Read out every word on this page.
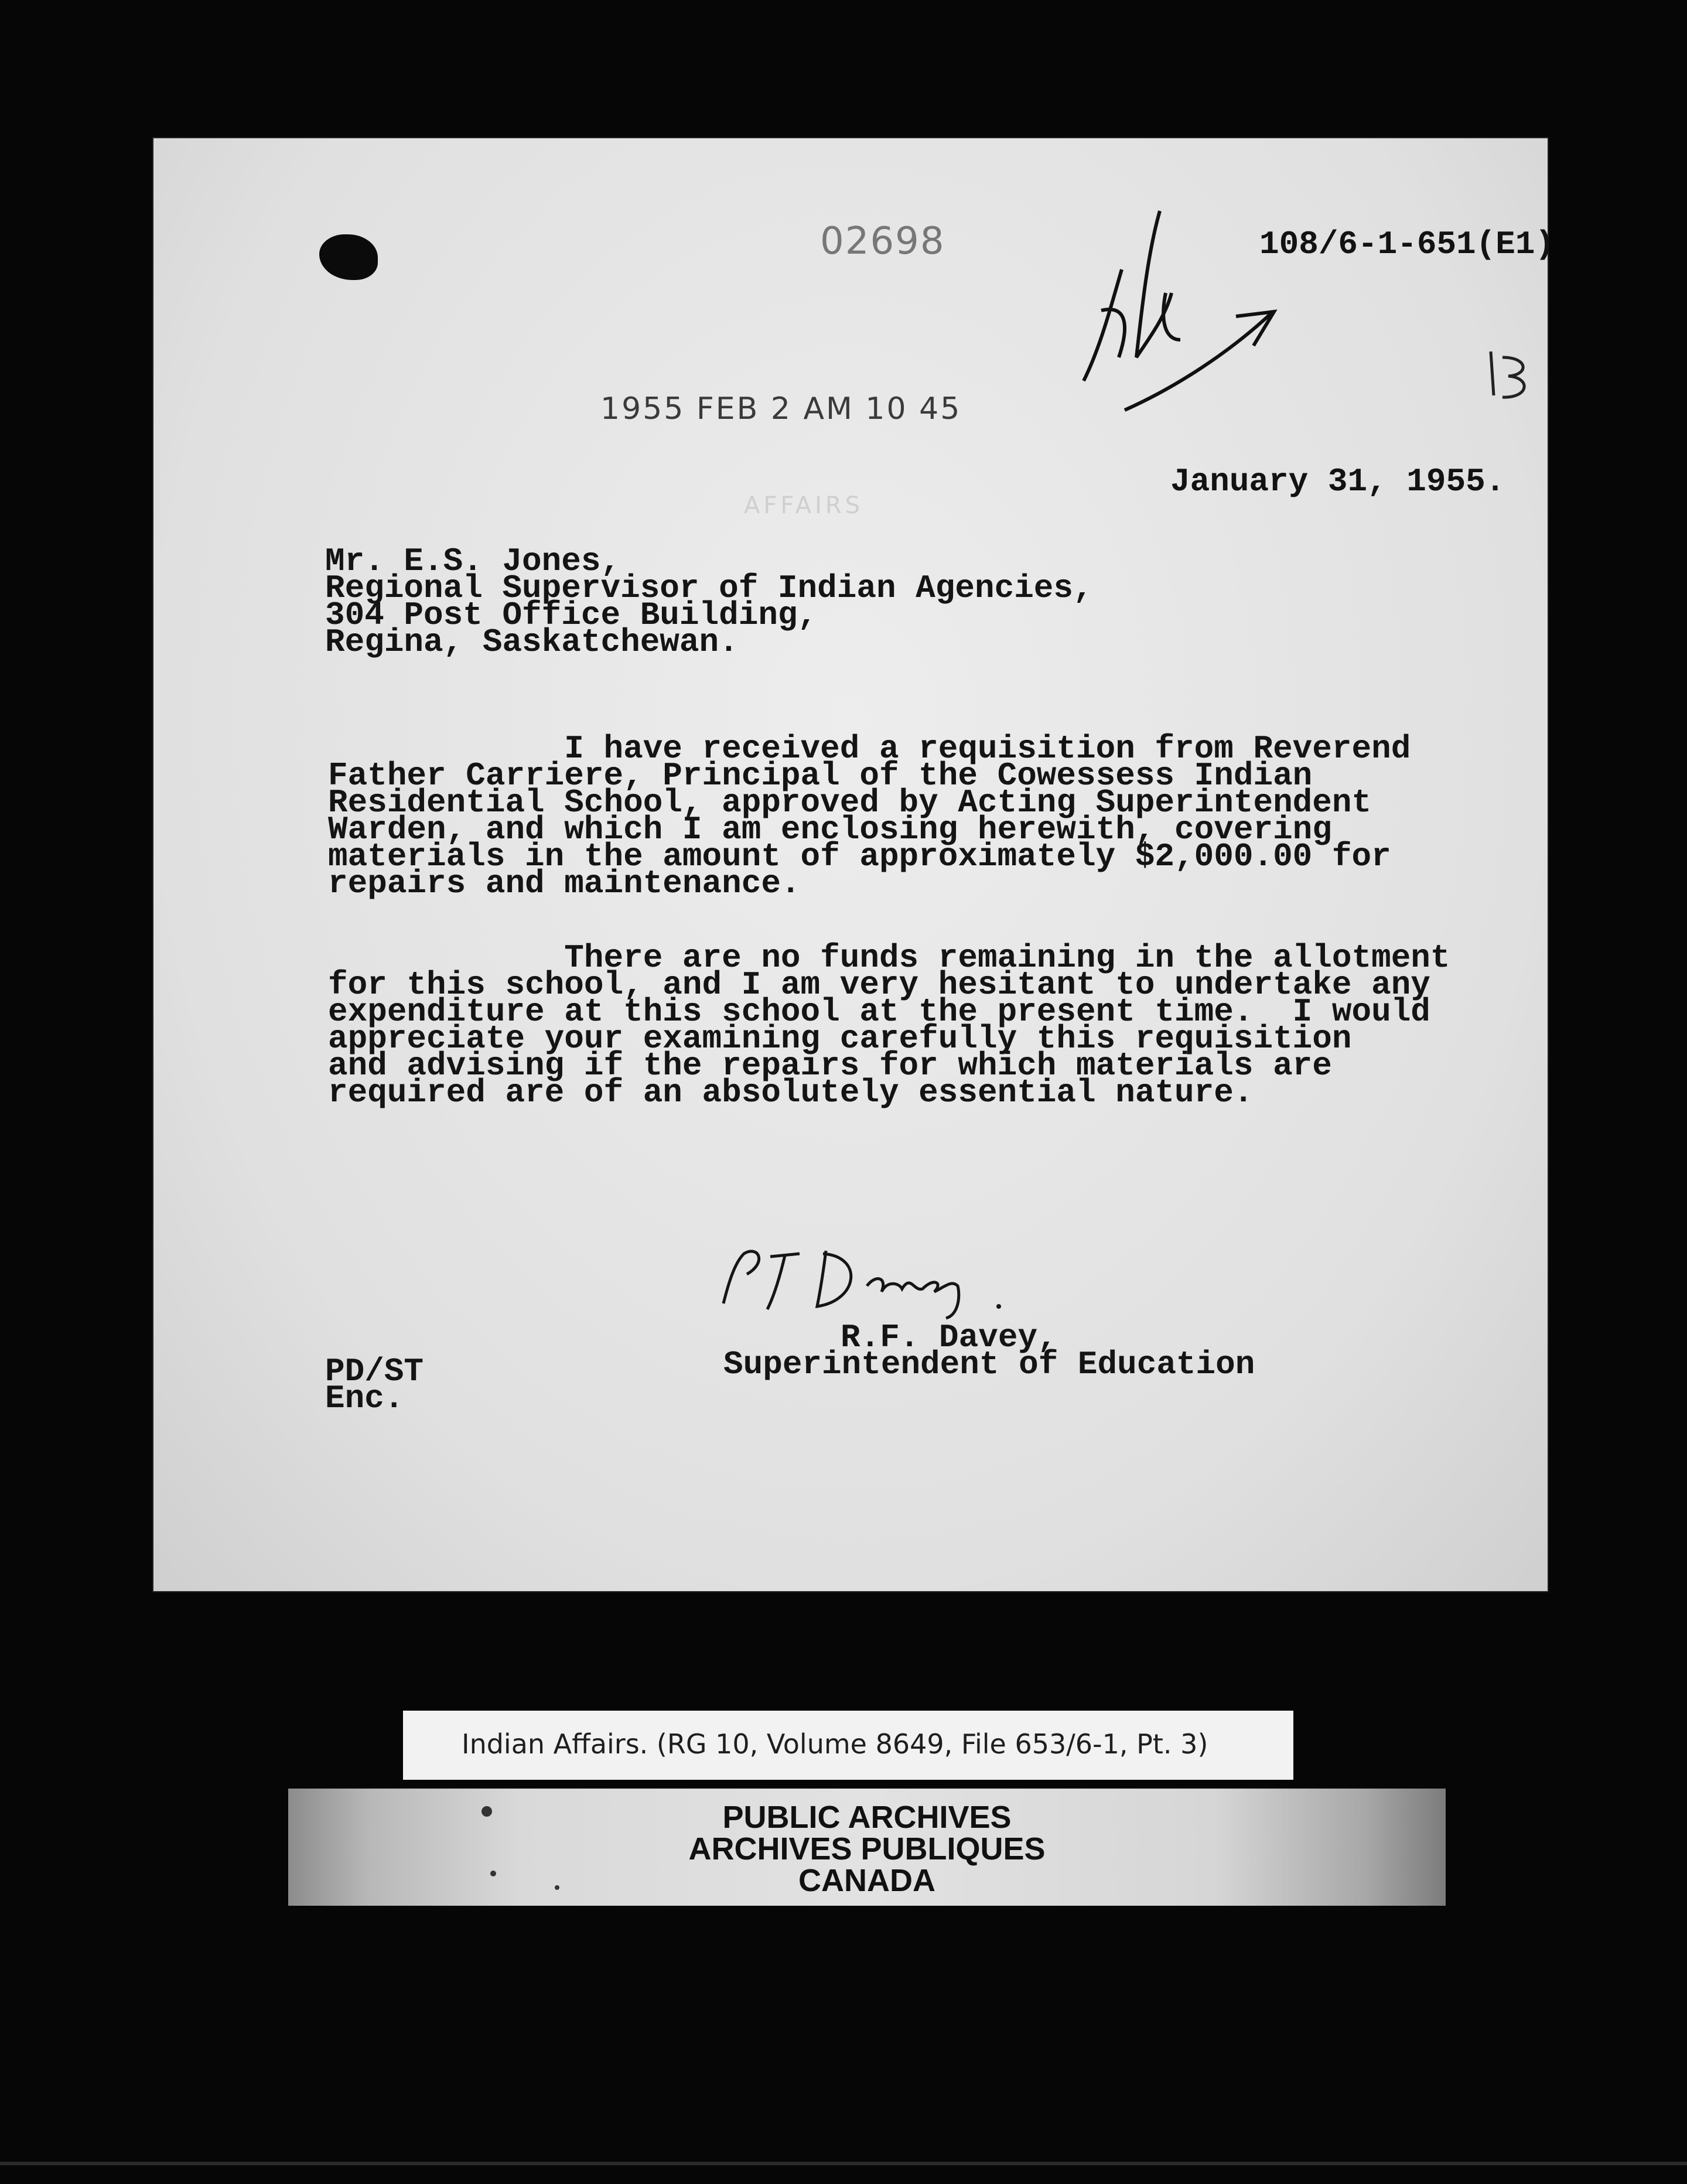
02698	108/6-1-651(E1)
1955 FEB 2 AM 10 45
AFFAIRS
January 31, 1955.
Mr. E.S. Jones,
Regional Supervisor of Indian Agencies,
304 Post Office Building,
Regina, Saskatchewan.
I have received a requisition from Reverend
Father Carriere, Principal of the Cowessess Indian
Residential School, approved by Acting Superintendent
Warden, and which I am enclosing herewith, covering
materials in the amount of approximately $2,000.00 for
repairs and maintenance.
There are no funds remaining in the allotment
for this school, and I am very hesitant to undertake any
expenditure at this school at the present time.  I would
appreciate your examining carefully this requisition
and advising if the repairs for which materials are
required are of an absolutely essential nature.
R.F. Davey,
Superintendent of Education
PD/ST
Enc.
Indian Affairs. (RG 10, Volume 8649, File 653/6-1, Pt. 3)
PUBLIC ARCHIVES
ARCHIVES PUBLIQUES
CANADA
